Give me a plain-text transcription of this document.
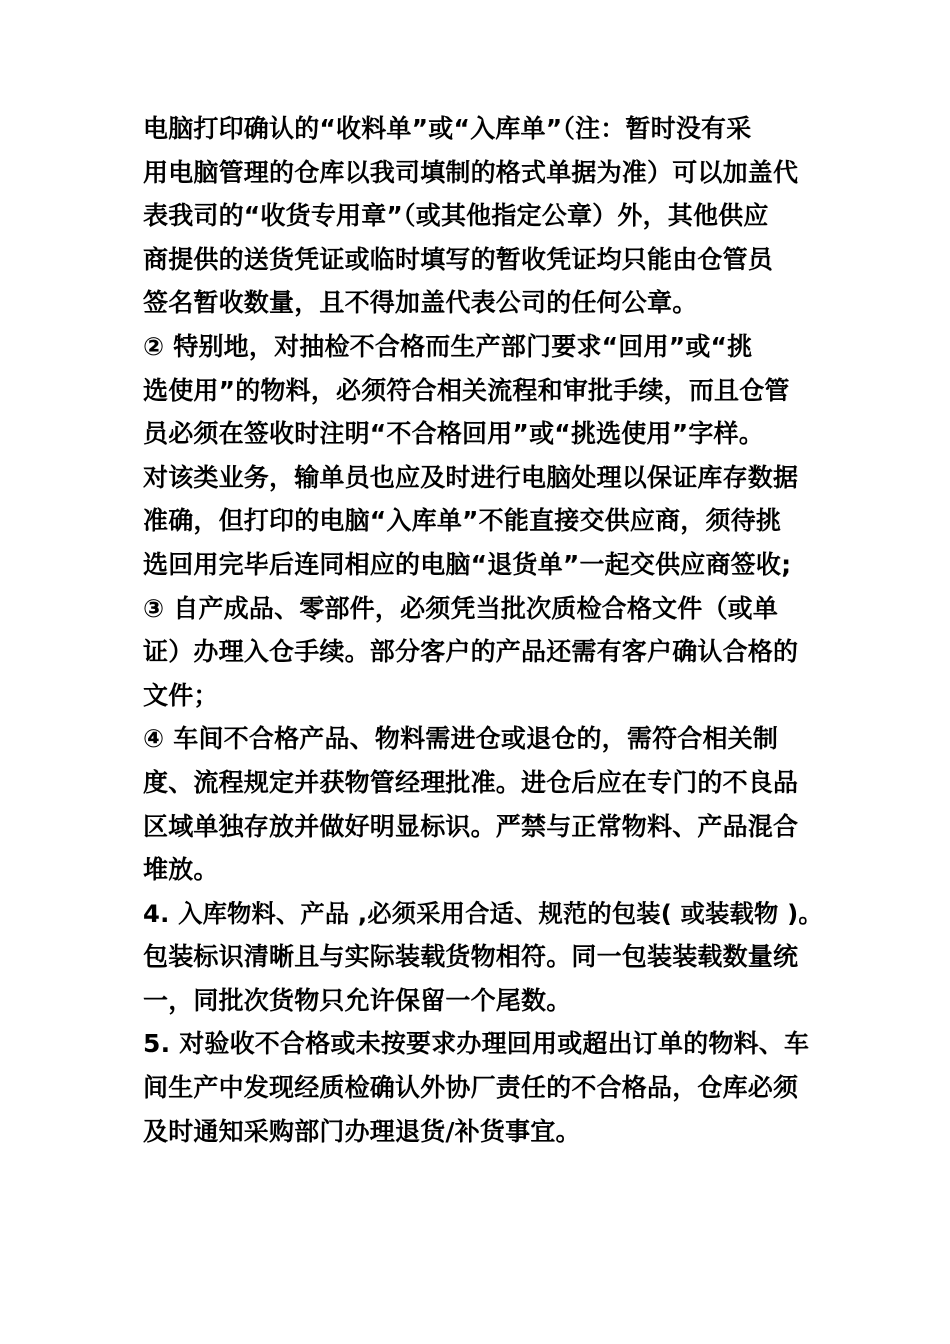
电脑打印确认的“收料单”或“入库单”（注：暂时没有采
用电脑管理的仓库以我司填制的格式单据为准）可以加盖代
表我司的“收货专用章”（或其他指定公章）外，其他供应
商提供的送货凭证或临时填写的暂收凭证均只能由仓管员
签名暂收数量，且不得加盖代表公司的任何公章。
② 特别地，对抽检不合格而生产部门要求“回用”或“挑
选使用”的物料，必须符合相关流程和审批手续，而且仓管
员必须在签收时注明“不合格回用”或“挑选使用”字样。
对该类业务，输单员也应及时进行电脑处理以保证库存数据
准确，但打印的电脑“入库单”不能直接交供应商，须待挑
选回用完毕后连同相应的电脑“退货单”一起交供应商签收;
③ 自产成品、零部件，必须凭当批次质检合格文件（或单
证）办理入仓手续。部分客户的产品还需有客户确认合格的
文件；
④ 车间不合格产品、物料需进仓或退仓的，需符合相关制
度、流程规定并获物管经理批准。进仓后应在专门的不良品
区域单独存放并做好明显标识。严禁与正常物料、产品混合
堆放。
4. 入库物料、产品 ,必须采用合适、规范的包装( 或装载物 )。
包装标识清晰且与实际装载货物相符。同一包装装载数量统
一，同批次货物只允许保留一个尾数。
5. 对验收不合格或未按要求办理回用或超出订单的物料、车
间生产中发现经质检确认外协厂责任的不合格品，仓库必须
及时通知采购部门办理退货/补货事宜。
